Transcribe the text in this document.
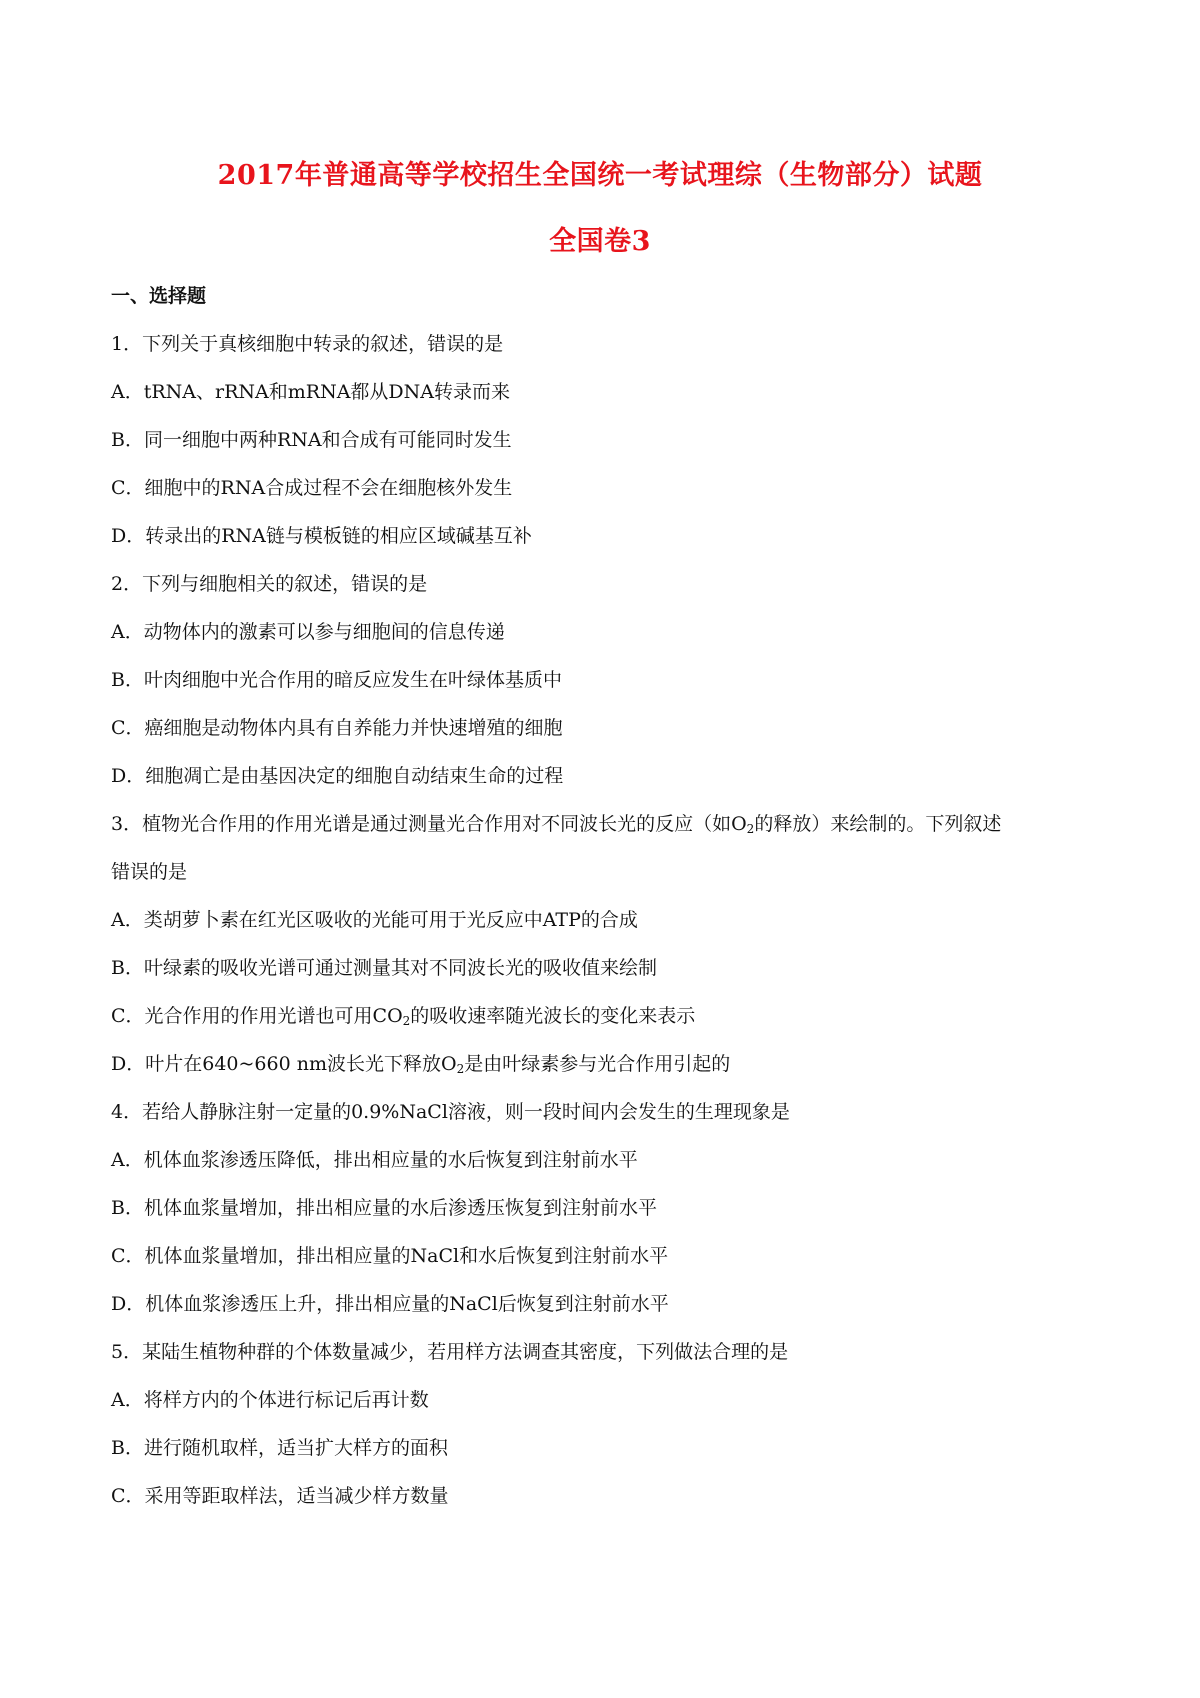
2017年普通高等学校招生全国统一考试理综（生物部分）试题
全国卷3
一、选择题
1．下列关于真核细胞中转录的叙述，错误的是
A．tRNA、rRNA和mRNA都从DNA转录而来
B．同一细胞中两种RNA和合成有可能同时发生
C．细胞中的RNA合成过程不会在细胞核外发生
D．转录出的RNA链与模板链的相应区域碱基互补
2．下列与细胞相关的叙述，错误的是
A．动物体内的激素可以参与细胞间的信息传递
B．叶肉细胞中光合作用的暗反应发生在叶绿体基质中
C．癌细胞是动物体内具有自养能力并快速增殖的细胞
D．细胞凋亡是由基因决定的细胞自动结束生命的过程
3．植物光合作用的作用光谱是通过测量光合作用对不同波长光的反应（如$O_2$的释放）来绘制的。下列叙述
错误的是
A．类胡萝卜素在红光区吸收的光能可用于光反应中ATP的合成
B．叶绿素的吸收光谱可通过测量其对不同波长光的吸收值来绘制
C．光合作用的作用光谱也可用$CO_2$的吸收速率随光波长的变化来表示
D．叶片在640~660 nm波长光下释放$O_2$是由叶绿素参与光合作用引起的
4．若给人静脉注射一定量的0.9%NaCl溶液，则一段时间内会发生的生理现象是
A．机体血浆渗透压降低，排出相应量的水后恢复到注射前水平
B．机体血浆量增加，排出相应量的水后渗透压恢复到注射前水平
C．机体血浆量增加，排出相应量的NaCl和水后恢复到注射前水平
D．机体血浆渗透压上升，排出相应量的NaCl后恢复到注射前水平
5．某陆生植物种群的个体数量减少，若用样方法调查其密度，下列做法合理的是
A．将样方内的个体进行标记后再计数
B．进行随机取样，适当扩大样方的面积
C．采用等距取样法，适当减少样方数量
